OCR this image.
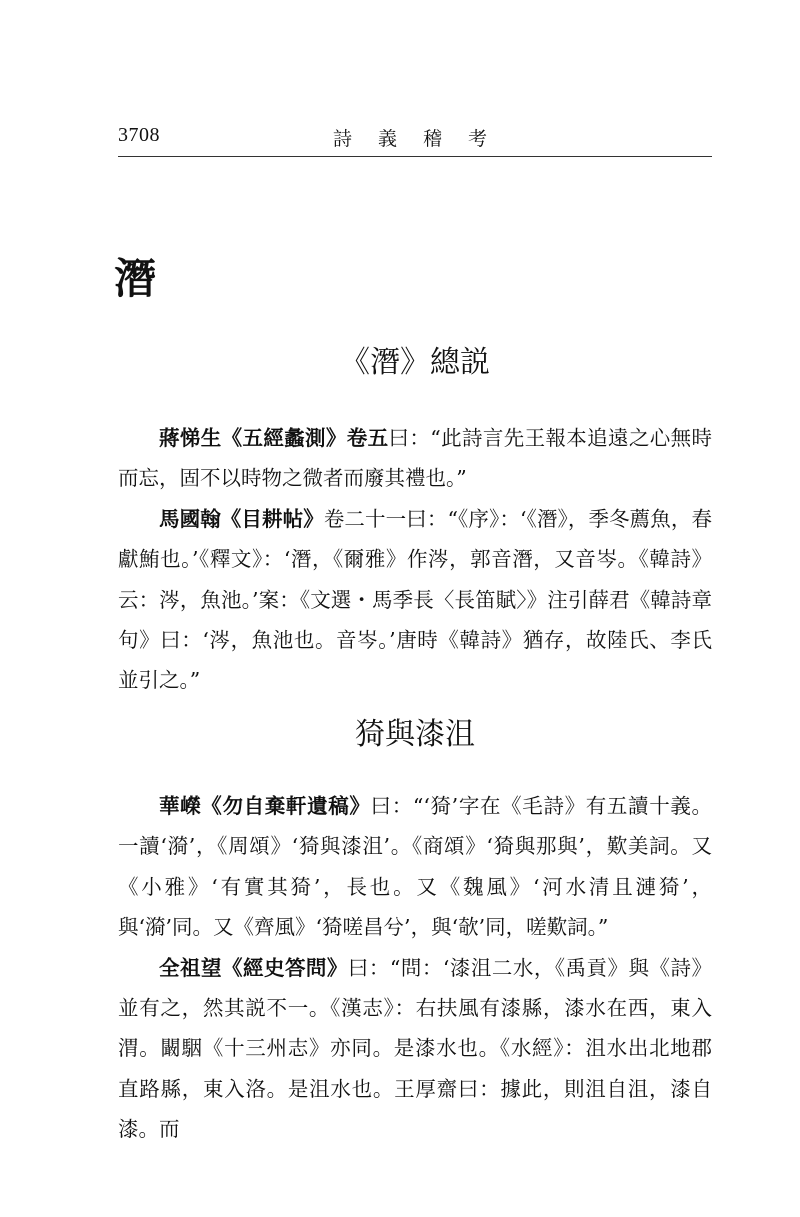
3708	詩 義 稽 考
潛
《潛》總説

蔣悌生《五經蠡測》卷五曰：“此詩言先王報本追遠之心無時而忘，固不以時物之微者而廢其禮也。”

馬國翰《目耕帖》卷二十一曰：“《序》：‘《潛》，季冬薦魚，春獻鮪也。’《釋文》：‘潛，《爾雅》作涔，郭音潛，又音岑。《韓詩》云：涔，魚池。’案：《文選・馬季長〈長笛賦〉》注引薛君《韓詩章句》曰：‘涔，魚池也。音岑。’唐時《韓詩》猶存，故陸氏、李氏並引之。”

猗與漆沮

華嶸《勿自棄軒遺稿》曰：“‘猗’字在《毛詩》有五讀十義。一讀‘漪’，《周頌》‘猗與漆沮’。《商頌》‘猗與那與’，歎美詞。又《小雅》‘有實其猗’，長也。又《魏風》‘河水清且漣猗’，與‘漪’同。又《齊風》‘猗嗟昌兮’，與‘欹’同，嗟歎詞。”

全祖望《經史答問》曰：“問：‘漆沮二水，《禹貢》與《詩》並有之，然其説不一。《漢志》：右扶風有漆縣，漆水在西，東入渭。闞駰《十三州志》亦同。是漆水也。《水經》：沮水出北地郡直路縣，東入洛。是沮水也。王厚齋曰：據此，則沮自沮，漆自漆。而
